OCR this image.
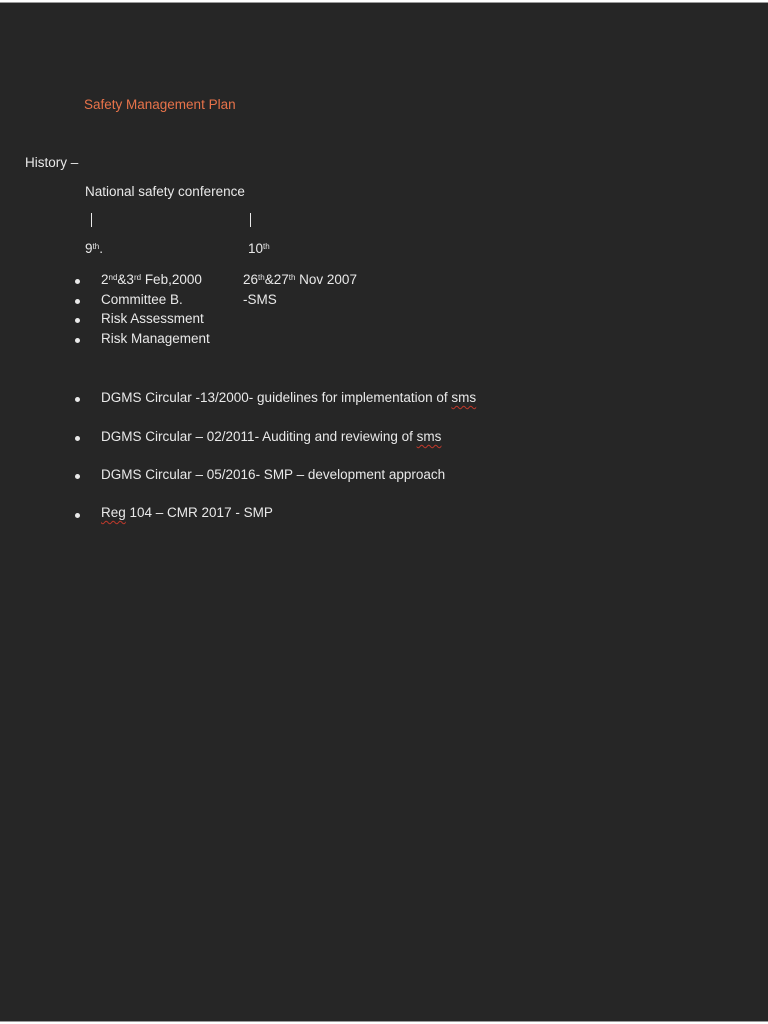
Safety Management Plan
History –
National safety conference
9th.	10th
2nd&3rd Feb,2000	26th&27th Nov 2007
Committee B.	-SMS
Risk Assessment
Risk Management
DGMS Circular -13/2000- guidelines for implementation of sms
DGMS Circular – 02/2011- Auditing and reviewing of sms
DGMS Circular – 05/2016- SMP – development approach
Reg 104 – CMR 2017 - SMP
